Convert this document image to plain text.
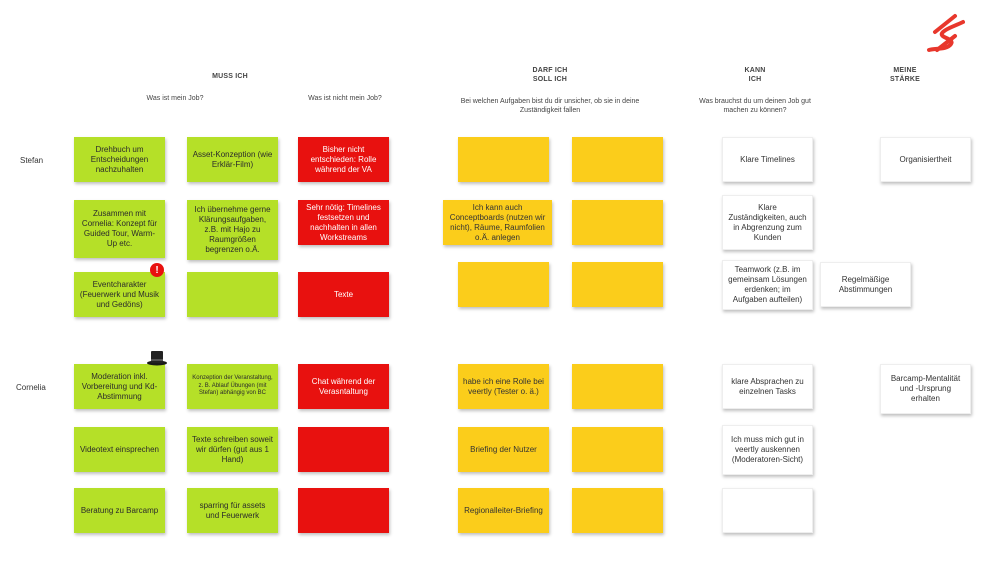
MUSS ICH
DARF ICH
SOLL ICH
KANN
ICH
MEINE
STÄRKE
Was ist mein Job?	Was ist nicht mein Job?	Bei welchen Aufgaben bist du dir unsicher, ob sie in deine Zuständigkeit fallen
Was brauchst du um deinen Job gut machen zu können?
Stefan
Cornelia
Drehbuch um Entscheidungen nachzuhalten
Zusammen mit Cornelia: Konzept für Guided Tour, Warm-Up etc.
Eventcharakter (Feuerwerk und Musik und Gedöns)
!
Asset-Konzeption (wie Erklär-Film)
Ich übernehme gerne Klärungsaufgaben, z.B. mit Hajo zu Raumgrößen begrenzen o.Ä.
Bisher nicht entschieden: Rolle während der VA
Sehr nötig: Timelines festsetzen und nachhalten in allen Workstreams
Texte
Ich kann auch Conceptboards (nutzen wir nicht), Räume, Raumfolien o.Ä. anlegen
Klare Timelines
Klare Zuständigkeiten, auch in Abgrenzung zum Kunden
Teamwork (z.B. im gemeinsam Lösungen erdenken; im Aufgaben aufteilen)
Organisiertheit
Regelmäßige Abstimmungen
Moderation inkl. Vorbereitung und Kd-Abstimmung
Videotext einsprechen
Beratung zu Barcamp
Konzeption der Veranstaltung, z. B. Ablauf Übungen (mit Stefan) abhängig von BC
Texte schreiben soweit wir dürfen (gut aus 1 Hand)
sparring für assets und Feuerwerk
Chat während der Verasntaltung
habe ich eine Rolle bei veertly (Tester o. ä.)
Briefing der Nutzer
Regionalleiter-Briefing
klare Absprachen zu einzelnen Tasks
Ich muss mich gut in veertly auskennen (Moderatoren-Sicht)
Barcamp-Mentalität und -Ursprung erhalten
